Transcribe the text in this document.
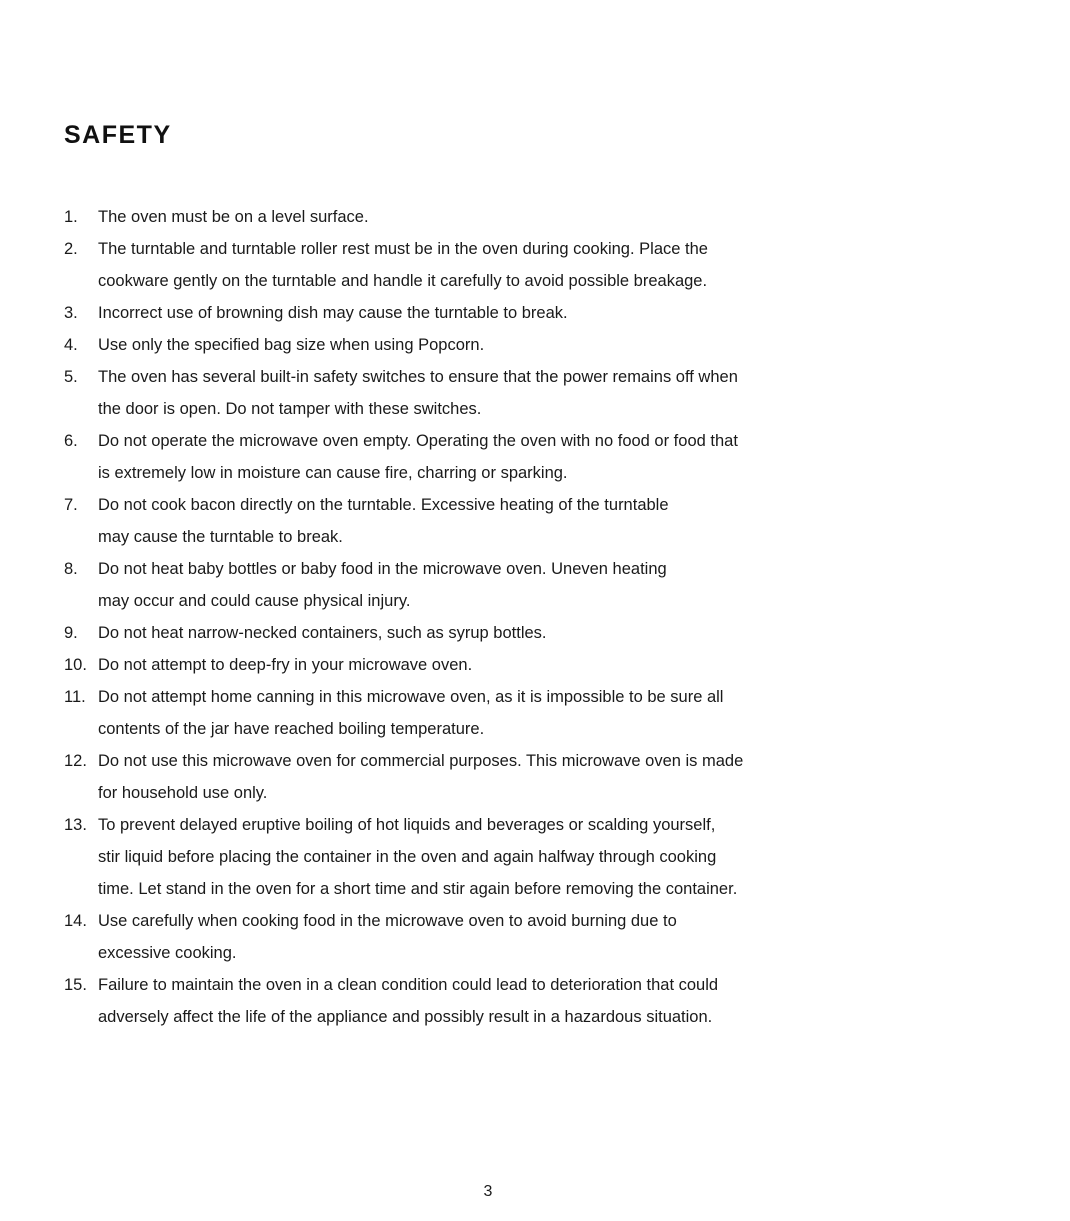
SAFETY
1.	The oven must be on a level surface.
2.	The turntable and turntable roller rest must be in the oven during cooking. Place the
cookware gently on the turntable and handle it carefully to avoid possible breakage.
3.	Incorrect use of browning dish may cause the turntable to break.
4.	Use only the specified bag size when using Popcorn.
5.	The oven has several built-in safety switches to ensure that the power remains off when
the door is open. Do not tamper with these switches.
6.	Do not operate the microwave oven empty. Operating the oven with no food or food that
is extremely low in moisture can cause fire, charring or sparking.
7.	Do not cook bacon directly on the turntable. Excessive heating of the turntable
may cause the turntable to break.
8.	Do not heat baby bottles or baby food in the microwave oven. Uneven heating
may occur and could cause physical injury.
9.	Do not heat narrow-necked containers, such as syrup bottles.
10. Do not attempt to deep-fry in your microwave oven.
11. Do not attempt home canning in this microwave oven, as it is impossible to be sure all
contents of the jar have reached boiling temperature.
12. Do not use this microwave oven for commercial purposes. This microwave oven is made
for household use only.
13. To prevent delayed eruptive boiling of hot liquids and beverages or scalding yourself,
stir liquid before placing the container in the oven and again halfway through cooking
time. Let stand in the oven for a short time and stir again before removing the container.
14. Use carefully when cooking food in the microwave oven to avoid burning due to
excessive cooking.
15. Failure to maintain the oven in a clean condition could lead to deterioration that could
adversely affect the life of the appliance and possibly result in a hazardous situation.
3
